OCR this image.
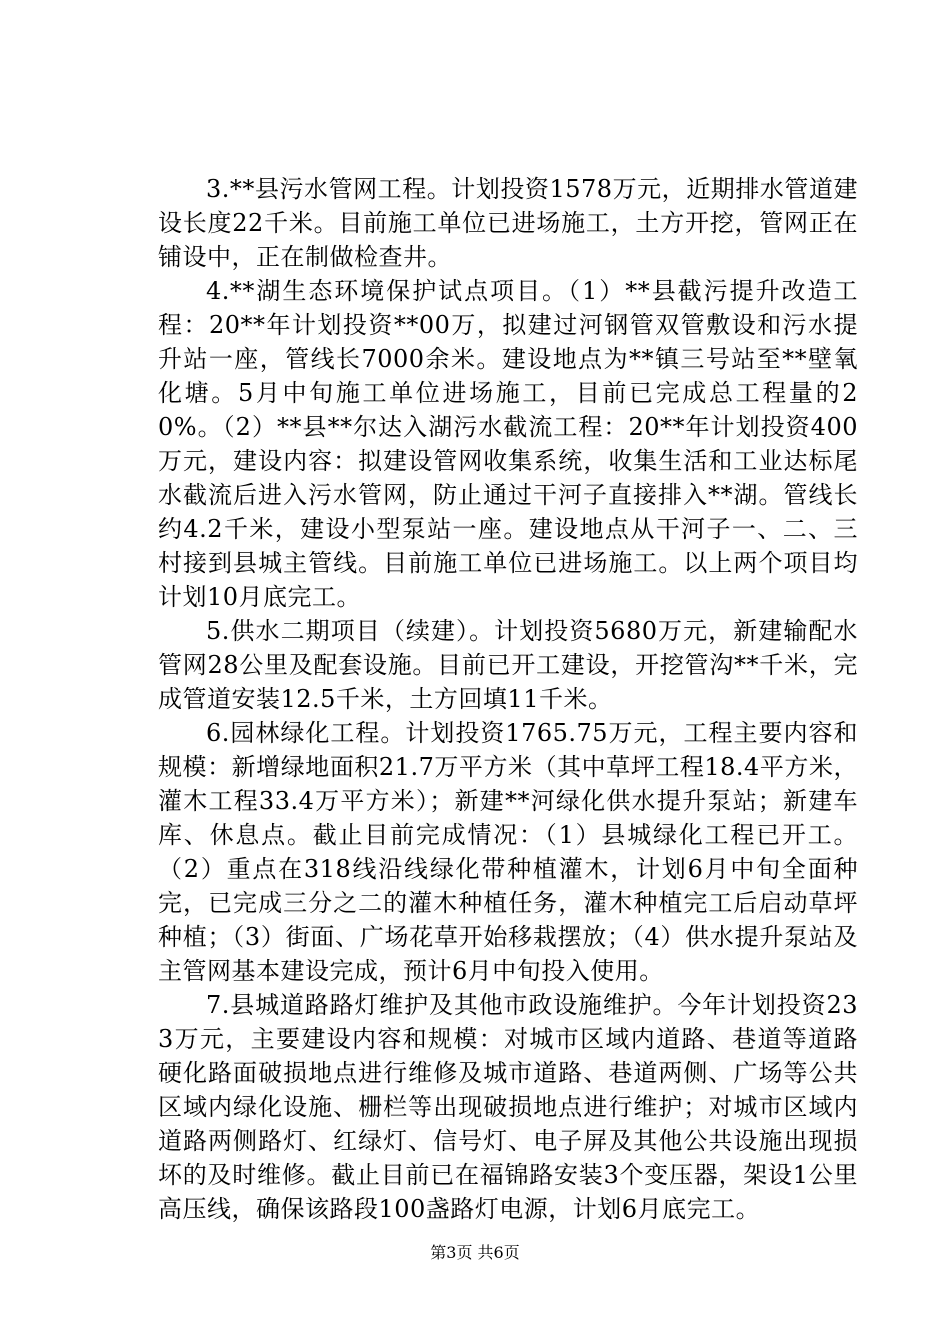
3.**县污水管网工程。计划投资1578万元，近期排水管道建设长度22千米。目前施工单位已进场施工，土方开挖，管网正在铺设中，正在制做检查井。

4.**湖生态环境保护试点项目。（1）**县截污提升改造工程：20**年计划投资**00万，拟建过河钢管双管敷设和污水提升站一座，管线长7000余米。建设地点为**镇三号站至**壁氧化塘。5月中旬施工单位进场施工，目前已完成总工程量的20%。（2）**县**尔达入湖污水截流工程：20**年计划投资400万元，建设内容：拟建设管网收集系统，收集生活和工业达标尾水截流后进入污水管网，防止通过干河子直接排入**湖。管线长约4.2千米，建设小型泵站一座。建设地点从干河子一、二、三村接到县城主管线。目前施工单位已进场施工。以上两个项目均计划10月底完工。

5.供水二期项目（续建）。计划投资5680万元，新建输配水管网28公里及配套设施。目前已开工建设，开挖管沟**千米，完成管道安装12.5千米，土方回填11千米。

6.园林绿化工程。计划投资1765.75万元，工程主要内容和规模：新增绿地面积21.7万平方米（其中草坪工程18.4平方米，灌木工程33.4万平方米）；新建**河绿化供水提升泵站；新建车库、休息点。截止目前完成情况：（1）县城绿化工程已开工。（2）重点在318线沿线绿化带种植灌木，计划6月中旬全面种完，已完成三分之二的灌木种植任务，灌木种植完工后启动草坪种植；（3）街面、广场花草开始移栽摆放；（4）供水提升泵站及主管网基本建设完成，预计6月中旬投入使用。

7.县城道路路灯维护及其他市政设施维护。今年计划投资233万元，主要建设内容和规模：对城市区域内道路、巷道等道路硬化路面破损地点进行维修及城市道路、巷道两侧、广场等公共区域内绿化设施、栅栏等出现破损地点进行维护；对城市区域内道路两侧路灯、红绿灯、信号灯、电子屏及其他公共设施出现损坏的及时维修。截止目前已在福锦路安装3个变压器，架设1公里高压线，确保该路段100盏路灯电源，计划6月底完工。

第3页 共6页
